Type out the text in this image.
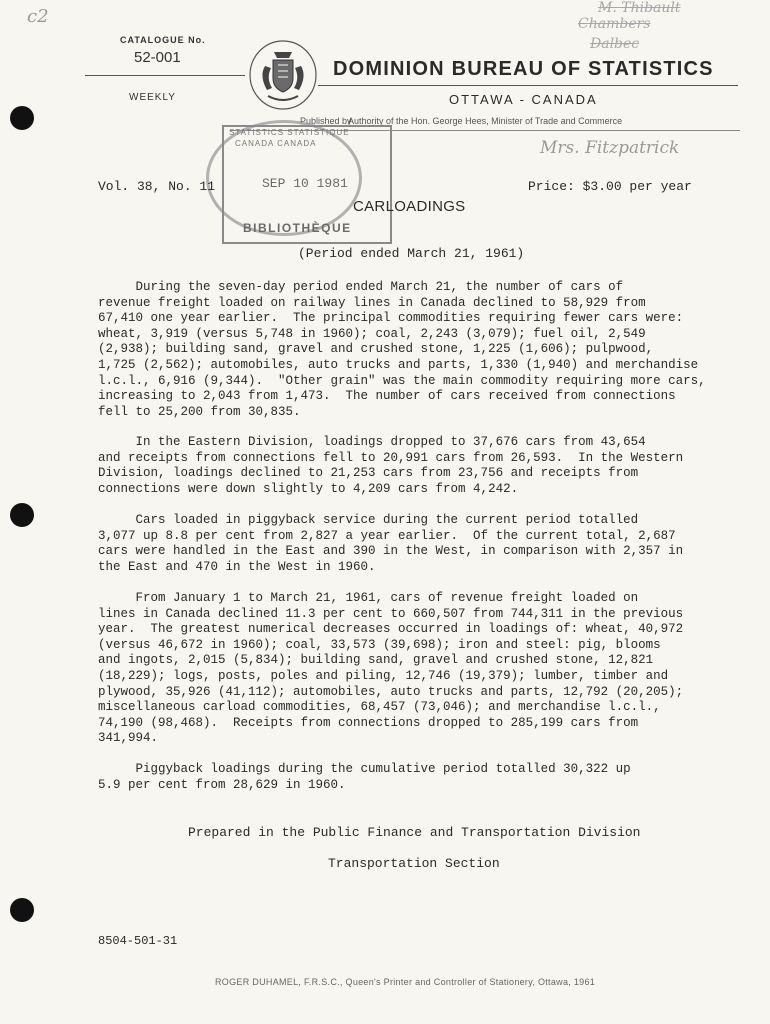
c2	M. Thibault
Chambers
Dalbec
Mrs. Fitzpatrick
CATALOGUE No.
52-001
WEEKLY
DOMINION BUREAU OF STATISTICS
OTTAWA - CANADA
Published by
Authority of the Hon. George Hees, Minister of Trade and Commerce
STATISTICS STATISTIQUE
CANADA CANADA
SEP 10 1981
BIBLIOTHÈQUE
Vol. 38, No. 11	Price: $3.00 per year
CARLOADINGS
(Period ended March 21, 1961)
During the seven-day period ended March 21, the number of cars of
revenue freight loaded on railway lines in Canada declined to 58,929 from
67,410 one year earlier.  The principal commodities requiring fewer cars were:
wheat, 3,919 (versus 5,748 in 1960); coal, 2,243 (3,079); fuel oil, 2,549
(2,938); building sand, gravel and crushed stone, 1,225 (1,606); pulpwood,
1,725 (2,562); automobiles, auto trucks and parts, 1,330 (1,940) and merchandise
l.c.l., 6,916 (9,344).  "Other grain" was the main commodity requiring more cars,
increasing to 2,043 from 1,473.  The number of cars received from connections
fell to 25,200 from 30,835.
In the Eastern Division, loadings dropped to 37,676 cars from 43,654
and receipts from connections fell to 20,991 cars from 26,593.  In the Western
Division, loadings declined to 21,253 cars from 23,756 and receipts from
connections were down slightly to 4,209 cars from 4,242.
Cars loaded in piggyback service during the current period totalled
3,077 up 8.8 per cent from 2,827 a year earlier.  Of the current total, 2,687
cars were handled in the East and 390 in the West, in comparison with 2,357 in
the East and 470 in the West in 1960.
From January 1 to March 21, 1961, cars of revenue freight loaded on
lines in Canada declined 11.3 per cent to 660,507 from 744,311 in the previous
year.  The greatest numerical decreases occurred in loadings of: wheat, 40,972
(versus 46,672 in 1960); coal, 33,573 (39,698); iron and steel: pig, blooms
and ingots, 2,015 (5,834); building sand, gravel and crushed stone, 12,821
(18,229); logs, posts, poles and piling, 12,746 (19,379); lumber, timber and
plywood, 35,926 (41,112); automobiles, auto trucks and parts, 12,792 (20,205);
miscellaneous carload commodities, 68,457 (73,046); and merchandise l.c.l.,
74,190 (98,468).  Receipts from connections dropped to 285,199 cars from
341,994.
Piggyback loadings during the cumulative period totalled 30,322 up
5.9 per cent from 28,629 in 1960.
Prepared in the Public Finance and Transportation Division
Transportation Section
8504-501-31
ROGER DUHAMEL, F.R.S.C., Queen's Printer and Controller of Stationery, Ottawa, 1961
